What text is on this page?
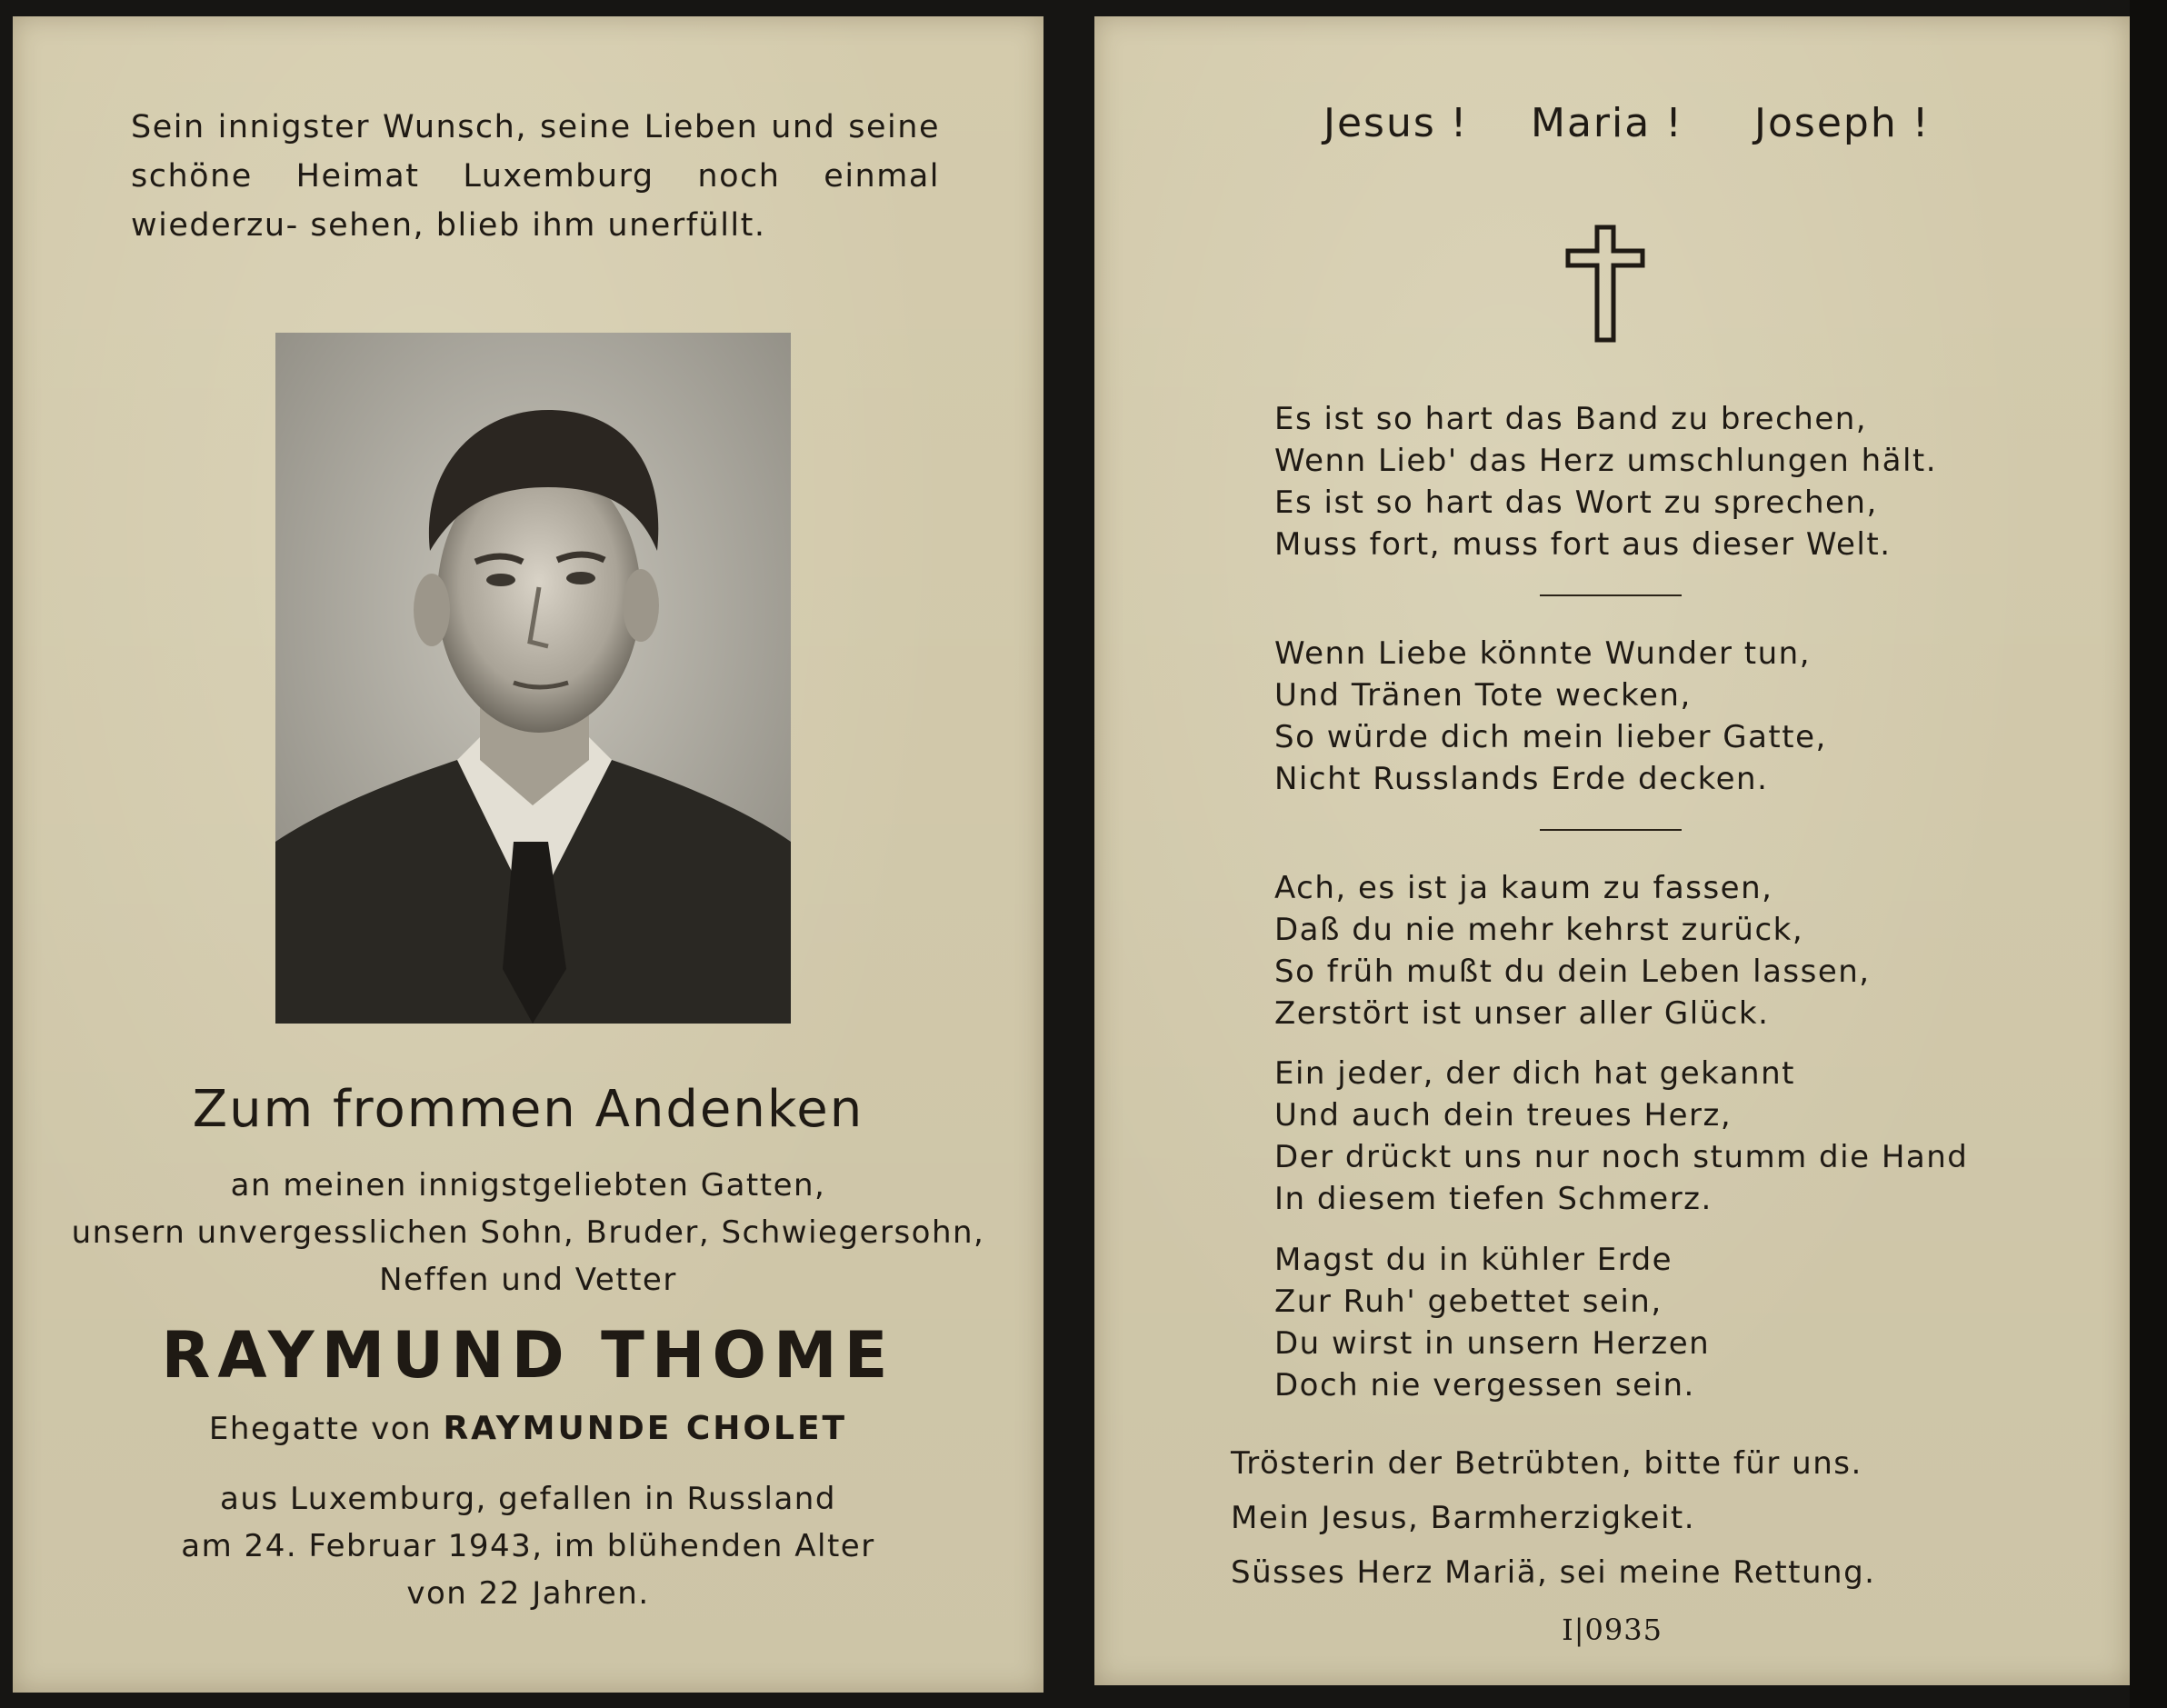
Sein innigster Wunsch, seine Lieben und seine schöne Heimat Luxemburg noch einmal wiederzu- sehen, blieb ihm unerfüllt.

Zum frommen Andenken

an meinen innigstgeliebten Gatten,
unsern unvergesslichen Sohn, Bruder, Schwiegersohn,
Neffen und Vetter

RAYMUND THOME

Ehegatte von RAYMUNDE CHOLET

aus Luxemburg, gefallen in Russland
am 24. Februar 1943, im blühenden Alter
von 22 Jahren.
Jesus ! Maria ! Joseph !
Es ist so hart das Band zu brechen,
Wenn Lieb' das Herz umschlungen hält.
Es ist so hart das Wort zu sprechen,
Muss fort, muss fort aus dieser Welt.
Wenn Liebe könnte Wunder tun,
Und Tränen Tote wecken,
So würde dich mein lieber Gatte,
Nicht Russlands Erde decken.
Ach, es ist ja kaum zu fassen,
Daß du nie mehr kehrst zurück,
So früh mußt du dein Leben lassen,
Zerstört ist unser aller Glück.
Ein jeder, der dich hat gekannt
Und auch dein treues Herz,
Der drückt uns nur noch stumm die Hand
In diesem tiefen Schmerz.
Magst du in kühler Erde
Zur Ruh' gebettet sein,
Du wirst in unsern Herzen
Doch nie vergessen sein.
Trösterin der Betrübten, bitte für uns.
Mein Jesus, Barmherzigkeit.
Süsses Herz Mariä, sei meine Rettung.

I|0935
